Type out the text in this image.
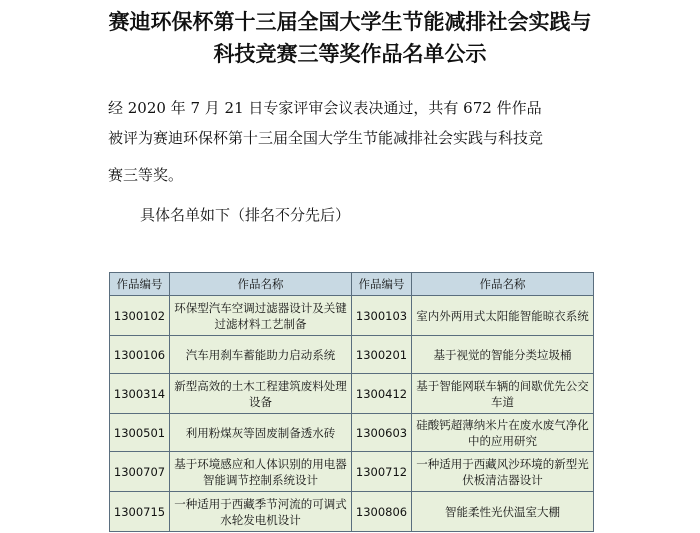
赛迪环保杯第十三届全国大学生节能减排社会实践与
科技竞赛三等奖作品名单公示
经 2020 年 7 月 21 日专家评审会议表决通过，共有 672 件作品
被评为赛迪环保杯第十三届全国大学生节能减排社会实践与科技竞
赛三等奖。
具体名单如下（排名不分先后）
作品编号	作品名称	作品编号	作品名称
1300102	环保型汽车空调过滤器设计及关键过滤材料工艺制备	1300103	室内外两用式太阳能智能晾衣系统
1300106	汽车用刹车蓄能助力启动系统	1300201	基于视觉的智能分类垃圾桶
1300314	新型高效的土木工程建筑废料处理设备	1300412	基于智能网联车辆的间歇优先公交车道
1300501	利用粉煤灰等固废制备透水砖	1300603	硅酸钙超薄纳米片在废水废气净化中的应用研究
1300707	基于环境感应和人体识别的用电器智能调节控制系统设计	1300712	一种适用于西藏风沙环境的新型光伏板清洁器设计
1300715	一种适用于西藏季节河流的可调式水轮发电机设计	1300806	智能柔性光伏温室大棚
